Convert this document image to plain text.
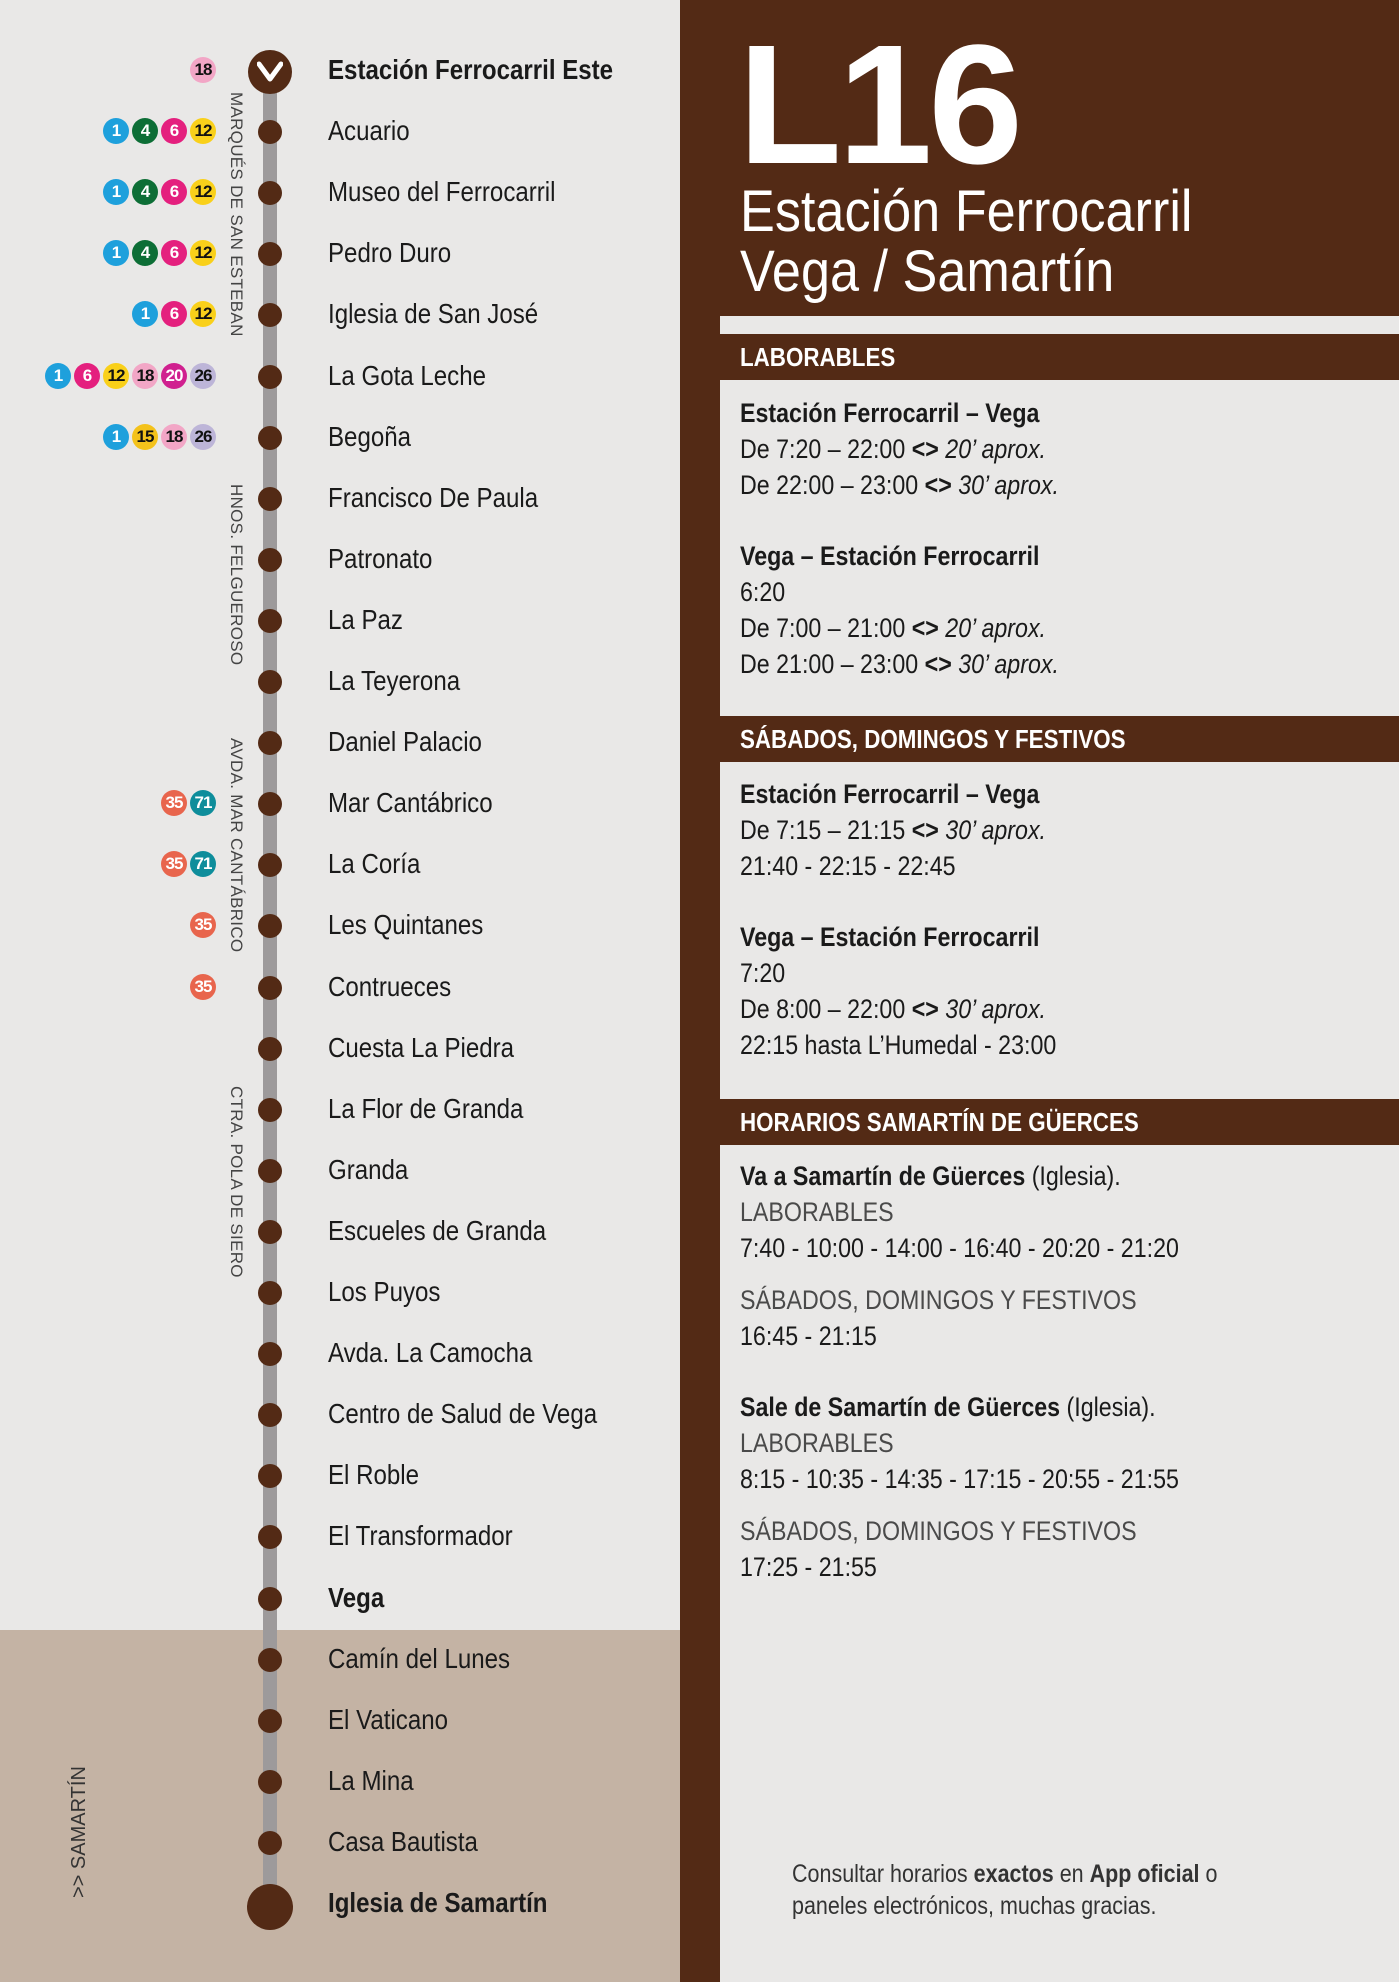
MARQUÉS DE SAN ESTEBAN
HNOS. FELGUEROSO
AVDA. MAR CANTÁBRICO
CTRA. POLA DE SIERO
>> SAMARTÍN
Estación Ferrocarril Este
18
Acuario
1	4	6 12
Museo del Ferrocarril
1	4	6 12
Pedro Duro
1	4	6 12
Iglesia de San José
1	6 12
La Gota Leche
1	6 12 18 20 26
Begoña
1 15 18 26
Francisco De Paula
Patronato
La Paz
La Teyerona
Daniel Palacio
Mar Cantábrico
35 71
La Coría
35 71
Les Quintanes
35
Contrueces
35
Cuesta La Piedra
La Flor de Granda
Granda
Escueles de Granda
Los Puyos
Avda. La Camocha
Centro de Salud de Vega
El Roble
El Transformador
Vega
Camín del Lunes
El Vaticano
La Mina
Casa Bautista
Iglesia de Samartín
L16
Estación Ferrocarril
Vega / Samartín
LABORABLES
Estación Ferrocarril – Vega
De 7:20 – 22:00 <> 20’ aprox.
De 22:00 – 23:00 <> 30’ aprox.
Vega – Estación Ferrocarril
6:20
De 7:00 – 21:00 <> 20’ aprox.
De 21:00 – 23:00 <> 30’ aprox.
SÁBADOS, DOMINGOS Y FESTIVOS
Estación Ferrocarril – Vega
De 7:15 – 21:15 <> 30’ aprox.
21:40 - 22:15 - 22:45
Vega – Estación Ferrocarril
7:20
De 8:00 – 22:00 <> 30’ aprox.
22:15 hasta L’Humedal - 23:00
HORARIOS SAMARTÍN DE GÜERCES
Va a Samartín de Güerces (Iglesia).
LABORABLES
7:40 - 10:00 - 14:00 - 16:40 - 20:20 - 21:20
SÁBADOS, DOMINGOS Y FESTIVOS
16:45 - 21:15
Sale de Samartín de Güerces (Iglesia).
LABORABLES
8:15 - 10:35 - 14:35 - 17:15 - 20:55 - 21:55
SÁBADOS, DOMINGOS Y FESTIVOS
17:25 - 21:55
Consultar horarios exactos en App oficial o
paneles electrónicos, muchas gracias.
